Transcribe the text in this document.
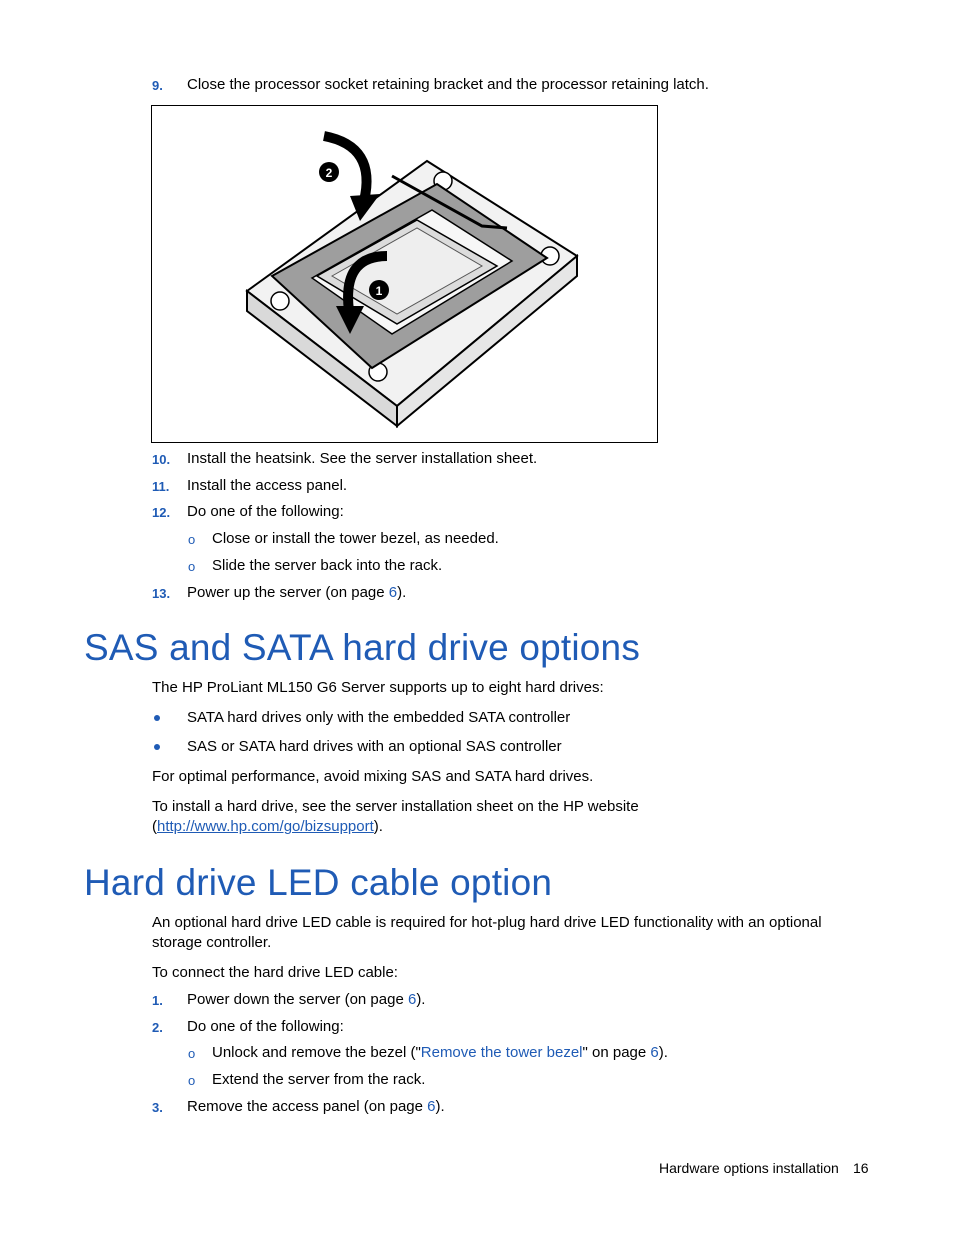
9. Close the processor socket retaining bracket and the processor retaining latch.
2
1
10. Install the heatsink. See the server installation sheet.
11. Install the access panel.
12. Do one of the following:
o Close or install the tower bezel, as needed.
o Slide the server back into the rack.
13. Power up the server (on page 6).
SAS and SATA hard drive options
The HP ProLiant ML150 G6 Server supports up to eight hard drives:
SATA hard drives only with the embedded SATA controller
SAS or SATA hard drives with an optional SAS controller
For optimal performance, avoid mixing SAS and SATA hard drives.
To install a hard drive, see the server installation sheet on the HP website
(http://www.hp.com/go/bizsupport).
Hard drive LED cable option
An optional hard drive LED cable is required for hot-plug hard drive LED functionality with an optional
storage controller.
To connect the hard drive LED cable:
1. Power down the server (on page 6).
2. Do one of the following:
o Unlock and remove the bezel ("Remove the tower bezel" on page 6).
o Extend the server from the rack.
3. Remove the access panel (on page 6).
Hardware options installation 16
